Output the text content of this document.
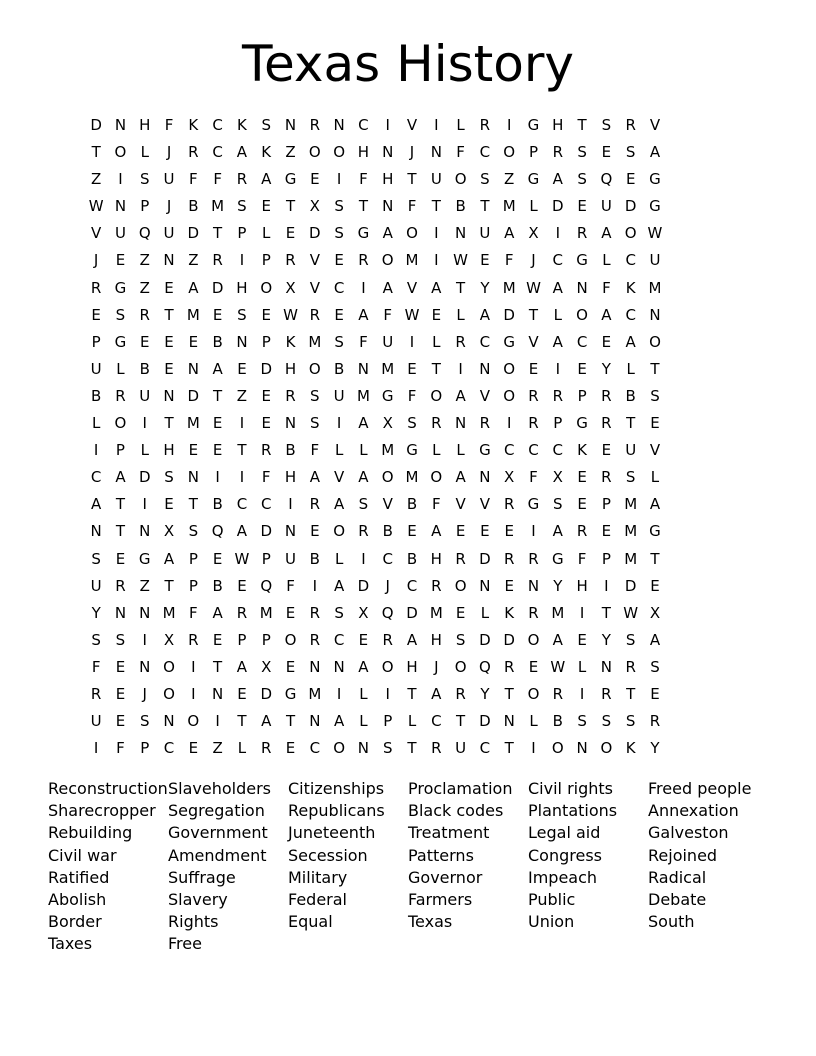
Texas History
D N H F	K C K S N R N C	I	V	I	L R	I	G H T S R V
T O L	J	R C A K Z O O H N	J	N F C O P R S E S A
Z	I	S U F	F R A G E	I	F H T U O S Z G A S Q E G
W N P	J	B M S E T X S T N F	T B T M L D E U D G
V U Q U D T	P	L	E D S G A O	I	N U A X	I	R A O W
J	E Z N Z R	I	P R V E R O M	I W E	F	J	C G L C U
R G Z E A D H O X V C	I	A V A T	Y M W A N F	K M
E S R T M E S E W R E A F W E	L A D T	L O A C N
P G E E E B N P K M S	F U	I	L R C G V A C E A O
U L B E N A E D H O B N M E T	I	N O E	I	E Y	L	T
B R U N D T Z E R S U M G F O A V O R R P R B S
L O	I	T M E	I	E N S	I	A X S R N R	I	R P G R T E
I	P	L H E E T R B F	L	L M G L	L G C C C K E U V
C A D S N	I	I	F H A V A O M O A N X F X E R S	L
A T	I	E T B C C	I	R A S V B F V V R G S E	P M A
N T N X S Q A D N E O R B E A E E E	I	A R E M G
S E G A P	E W P U B L	I	C B H R D R R G F	P M T
U R Z T	P B E Q F	I	A D	J	C R O N E N Y H	I	D E
Y N N M F A R M E R S X Q D M E	L	K R M	I	T W X
S S	I	X R E	P	P O R C E R A H S D D O A E Y S A
F	E N O	I	T A X E N N A O H	J	O Q R E W L N R S
R E	J	O	I	N E D G M	I	L	I	T A R Y	T O R	I	R T E
U E S N O	I	T A T N A L	P	L C T D N L B S S S R
I	F	P C E Z L R E C O N S T R U C T	I	O N O K Y
Reconstruction
Sharecropper
Rebuilding
Civil war
Ratified
Abolish
Border
Taxes
Slaveholders
Segregation
Government
Amendment
Suffrage
Slavery
Rights
Free
Citizenships
Republicans
Juneteenth
Secession
Military
Federal
Equal
Proclamation
Black codes
Treatment
Patterns
Governor
Farmers
Texas
Civil rights
Plantations
Legal aid
Congress
Impeach
Public
Union
Freed people
Annexation
Galveston
Rejoined
Radical
Debate
South
